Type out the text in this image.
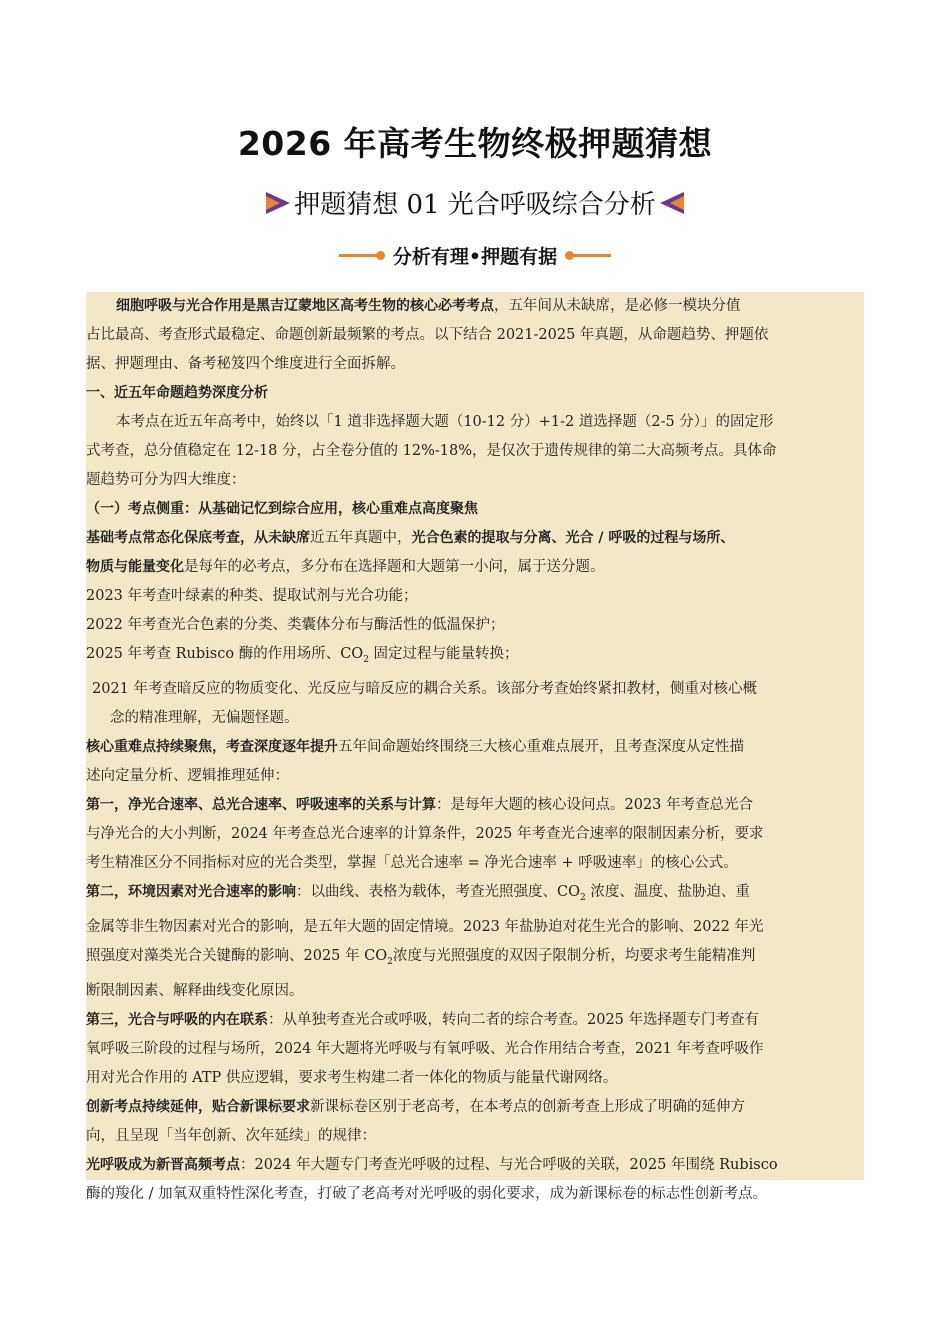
2026 年高考生物终极押题猜想
押题猜想 01 光合呼吸综合分析
分析有理•押题有据

细胞呼吸与光合作用是黑吉辽蒙地区高考生物的核心必考考点，五年间从未缺席，是必修一模块分值

占比最高、考查形式最稳定、命题创新最频繁的考点。以下结合 2021-2025 年真题，从命题趋势、押题依

据、押题理由、备考秘笈四个维度进行全面拆解。

一、近五年命题趋势深度分析

本考点在近五年高考中，始终以「1 道非选择题大题（10-12 分）+1-2 道选择题（2-5 分）」的固定形

式考查，总分值稳定在 12-18 分，占全卷分值的 12%-18%，是仅次于遗传规律的第二大高频考点。具体命

题趋势可分为四大维度：

（一）考点侧重：从基础记忆到综合应用，核心重难点高度聚焦

基础考点常态化保底考查，从未缺席近五年真题中，光合色素的提取与分离、光合 / 呼吸的过程与场所、

物质与能量变化是每年的必考点，多分布在选择题和大题第一小问，属于送分题。

2023 年考查叶绿素的种类、提取试剂与光合功能；

2022 年考查光合色素的分类、类囊体分布与酶活性的低温保护；

2025 年考查 Rubisco 酶的作用场所、$CO_2$ 固定过程与能量转换；

2021 年考查暗反应的物质变化、光反应与暗反应的耦合关系。该部分考查始终紧扣教材，侧重对核心概

念的精准理解，无偏题怪题。

核心重难点持续聚焦，考查深度逐年提升五年间命题始终围绕三大核心重难点展开，且考查深度从定性描

述向定量分析、逻辑推理延伸：

第一，净光合速率、总光合速率、呼吸速率的关系与计算：是每年大题的核心设问点。2023 年考查总光合

与净光合的大小判断，2024 年考查总光合速率的计算条件，2025 年考查光合速率的限制因素分析，要求

考生精准区分不同指标对应的光合类型，掌握「总光合速率 = 净光合速率 + 呼吸速率」的核心公式。

第二，环境因素对光合速率的影响：以曲线、表格为载体，考查光照强度、$CO_2$ 浓度、温度、盐胁迫、重

金属等非生物因素对光合的影响，是五年大题的固定情境。2023 年盐胁迫对花生光合的影响、2022 年光

照强度对藻类光合关键酶的影响、2025 年 $CO_2$浓度与光照强度的双因子限制分析，均要求考生能精准判

断限制因素、解释曲线变化原因。

第三，光合与呼吸的内在联系：从单独考查光合或呼吸，转向二者的综合考查。2025 年选择题专门考查有

氧呼吸三阶段的过程与场所，2024 年大题将光呼吸与有氧呼吸、光合作用结合考查，2021 年考查呼吸作

用对光合作用的 ATP 供应逻辑，要求考生构建二者一体化的物质与能量代谢网络。

创新考点持续延伸，贴合新课标要求新课标卷区别于老高考，在本考点的创新考查上形成了明确的延伸方

向，且呈现「当年创新、次年延续」的规律：

光呼吸成为新晋高频考点：2024 年大题专门考查光呼吸的过程、与光合呼吸的关联，2025 年围绕 Rubisco

酶的羧化 / 加氧双重特性深化考查，打破了老高考对光呼吸的弱化要求，成为新课标卷的标志性创新考点。
